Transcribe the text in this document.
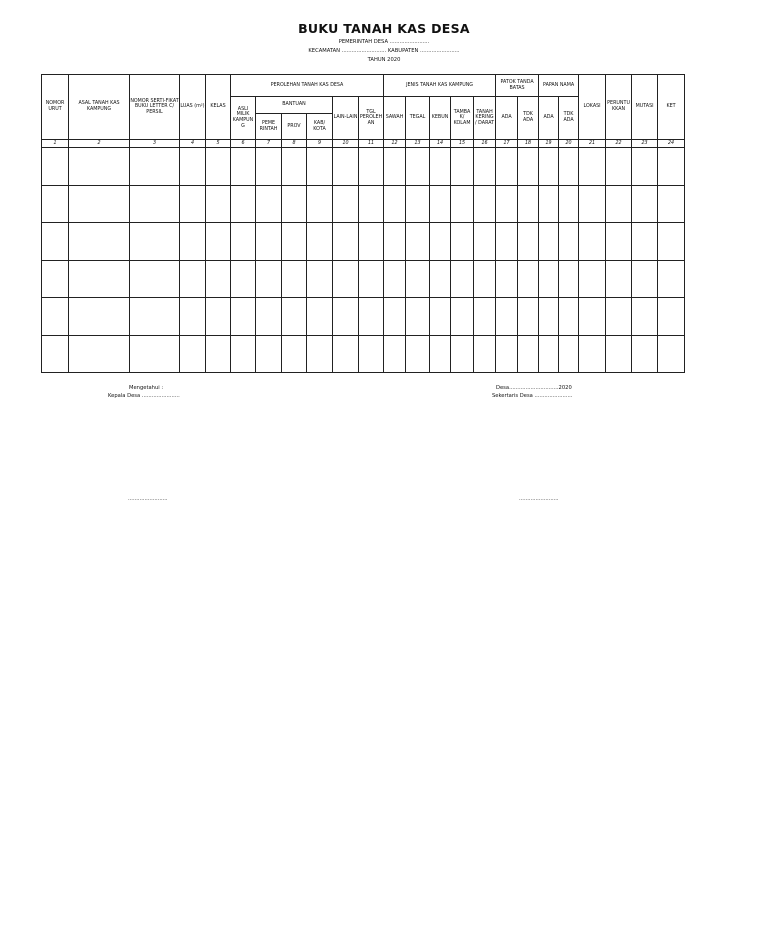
BUKU TANAH KAS DESA
PEMERINTAH DESA ........................
KECAMATAN ........................... KABUPATEN ........................
TAHUN 2020
NOMOR URUT	ASAL TANAH KAS KAMPUNG	NOMOR SERTI-FIKAT BUKU LETTER C/ PERSIL	LUAS (m²)	KELAS	PEROLEHAN TANAH KAS DESA						JENIS TANAH KAS KAMPUNG					PATOK TANDA BATAS		PAPAN NAMA		LOKASI	PERUNTU KKAN	MUTASI	KET
					ASLI MILIK KAMPUN G	BANTUAN			LAIN-LAIN	TGL PEROLEH AN	SAWAH	TEGAL	KEBUN	TAMBA K/ KOLAM	TANAH KERING / DARAT	ADA	TDK ADA	ADA	TDK ADA				
						PEME RINTAH	PROV	KAB/ KOTA															
1	2	3	4	5	6	7	8	9	10	11	12	13	14	15	16	17	18	19	20	21	22	23	24

Mengetahui :
Kepala Desa .......................
Desa..............................2020
Sekertaris Desa .......................
........................	........................
